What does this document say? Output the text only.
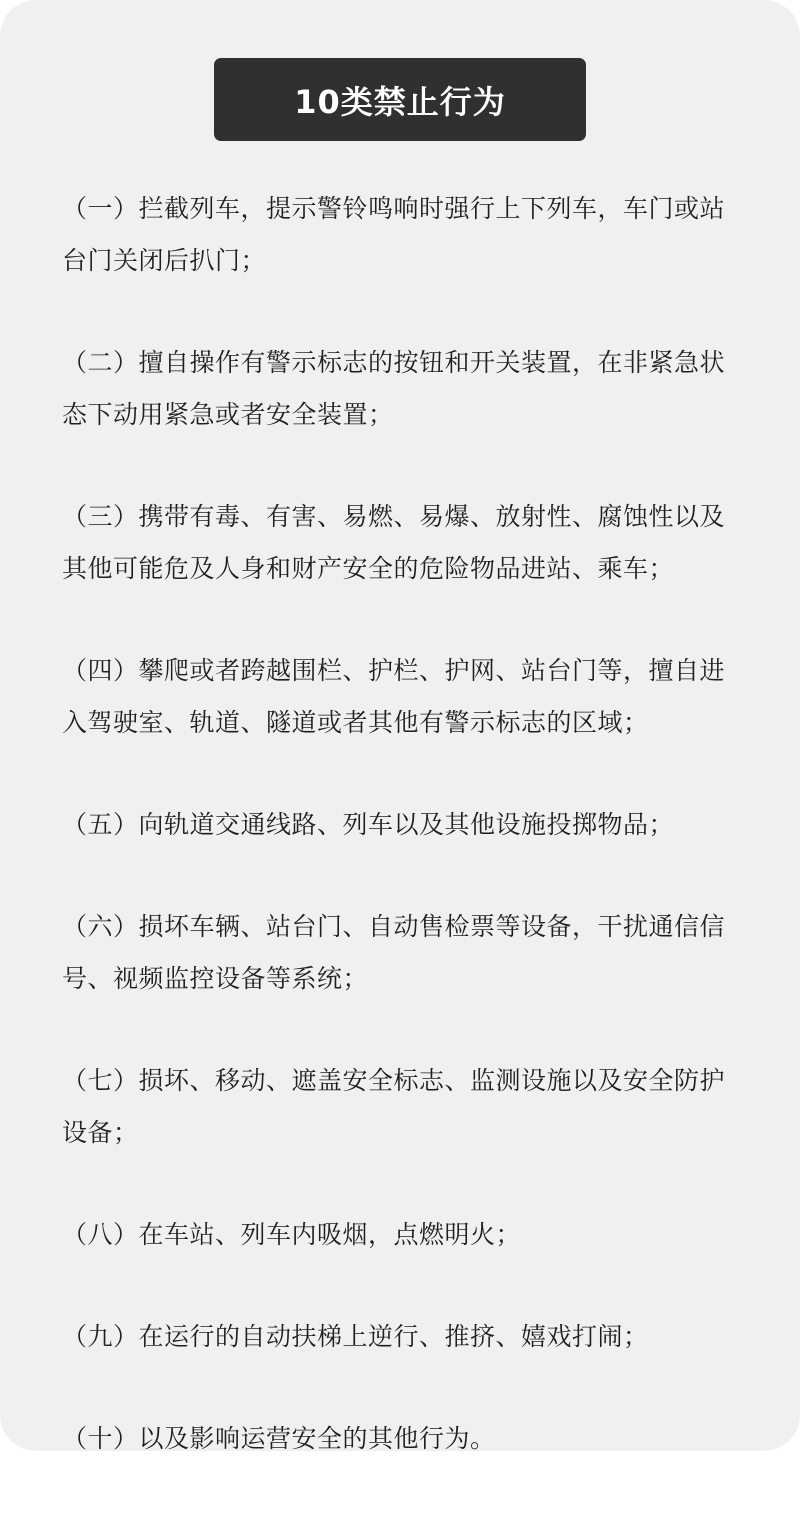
10类禁止行为
（一）拦截列车，提示警铃鸣响时强行上下列车，车门或站台门关闭后扒门；
（二）擅自操作有警示标志的按钮和开关装置，在非紧急状态下动用紧急或者安全装置；
（三）携带有毒、有害、易燃、易爆、放射性、腐蚀性以及其他可能危及人身和财产安全的危险物品进站、乘车；
（四）攀爬或者跨越围栏、护栏、护网、站台门等，擅自进入驾驶室、轨道、隧道或者其他有警示标志的区域；
（五）向轨道交通线路、列车以及其他设施投掷物品；
（六）损坏车辆、站台门、自动售检票等设备，干扰通信信号、视频监控设备等系统；
（七）损坏、移动、遮盖安全标志、监测设施以及安全防护设备；
（八）在车站、列车内吸烟，点燃明火；
（九）在运行的自动扶梯上逆行、推挤、嬉戏打闹；
（十）以及影响运营安全的其他行为。
